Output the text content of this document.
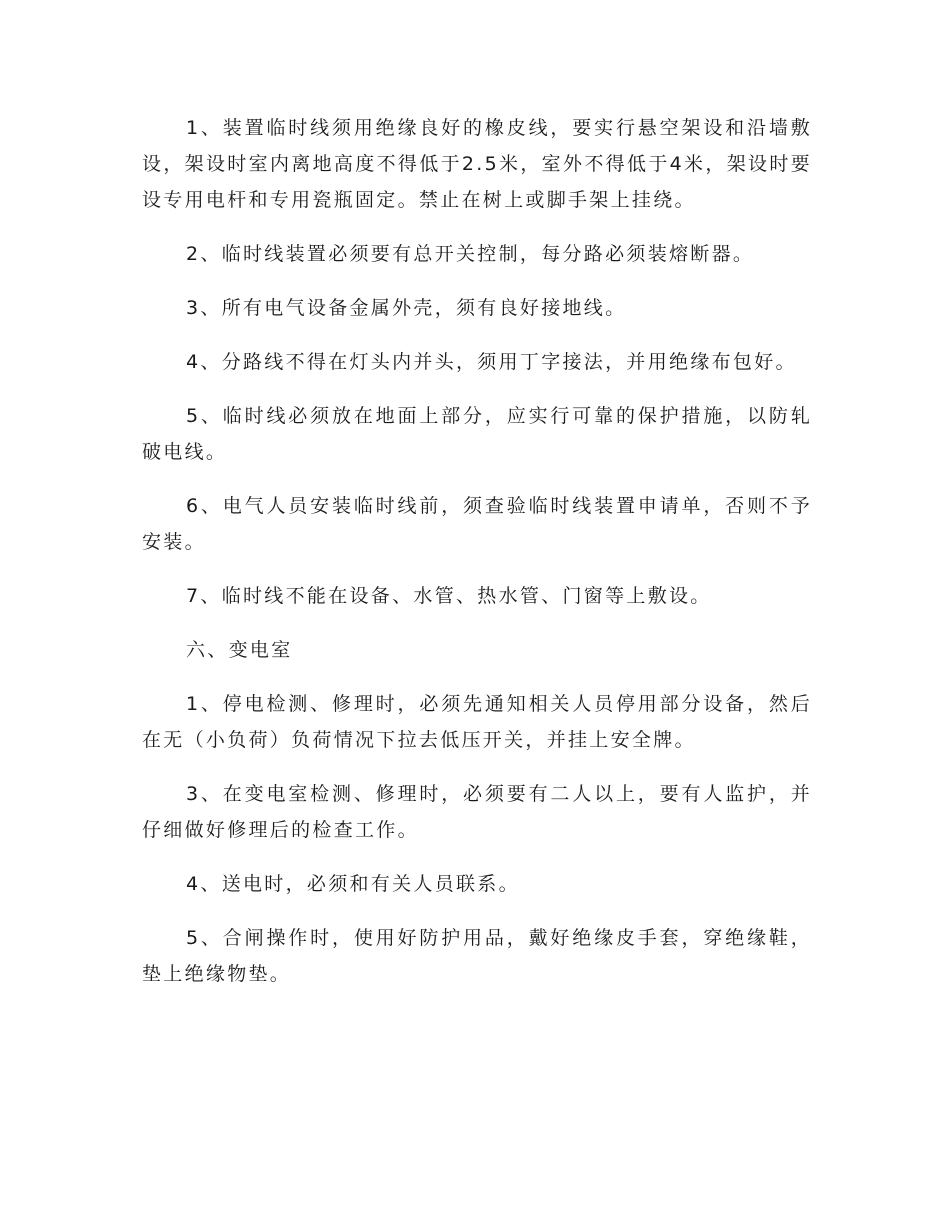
1、装置临时线须用绝缘良好的橡皮线，要实行悬空架设和沿墙敷设，架设时室内离地高度不得低于2.5米，室外不得低于4米，架设时要设专用电杆和专用瓷瓶固定。禁止在树上或脚手架上挂绕。

2、临时线装置必须要有总开关控制，每分路必须装熔断器。

3、所有电气设备金属外壳，须有良好接地线。

4、分路线不得在灯头内并头，须用丁字接法，并用绝缘布包好。

5、临时线必须放在地面上部分，应实行可靠的保护措施，以防轧破电线。

6、电气人员安装临时线前，须查验临时线装置申请单，否则不予安装。

7、临时线不能在设备、水管、热水管、门窗等上敷设。

六、变电室

1、停电检测、修理时，必须先通知相关人员停用部分设备，然后在无（小负荷）负荷情况下拉去低压开关，并挂上安全牌。

3、在变电室检测、修理时，必须要有二人以上，要有人监护，并仔细做好修理后的检查工作。

4、送电时，必须和有关人员联系。

5、合闸操作时，使用好防护用品，戴好绝缘皮手套，穿绝缘鞋，垫上绝缘物垫。
